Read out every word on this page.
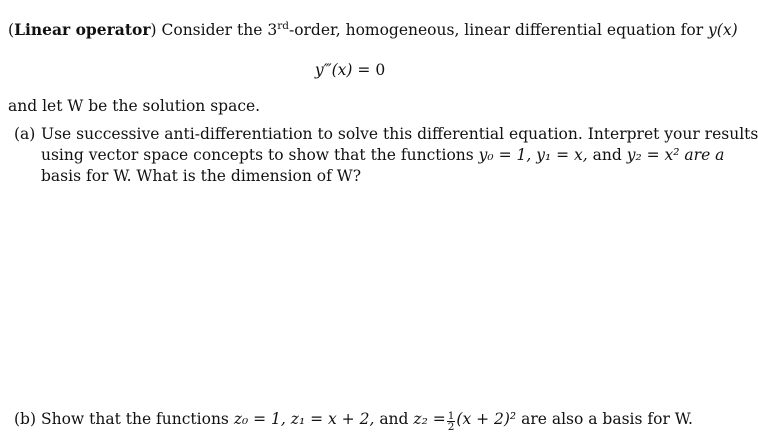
(Linear operator) Consider the 3rd-order, homogeneous, linear differential equation for y(x)
y‴(x) = 0
and let W be the solution space.
(a) Use successive anti-differentiation to solve this differential equation. Interpret your results
using vector space concepts to show that the functions y₀ = 1, y₁ = x, and y₂ = x² are a
basis for W. What is the dimension of W?
(b) Show that the functions z₀ = 1, z₁ = x + 2, and $z_2 = \frac{1}{2} (x + 2)^2$ are also a basis for W.
